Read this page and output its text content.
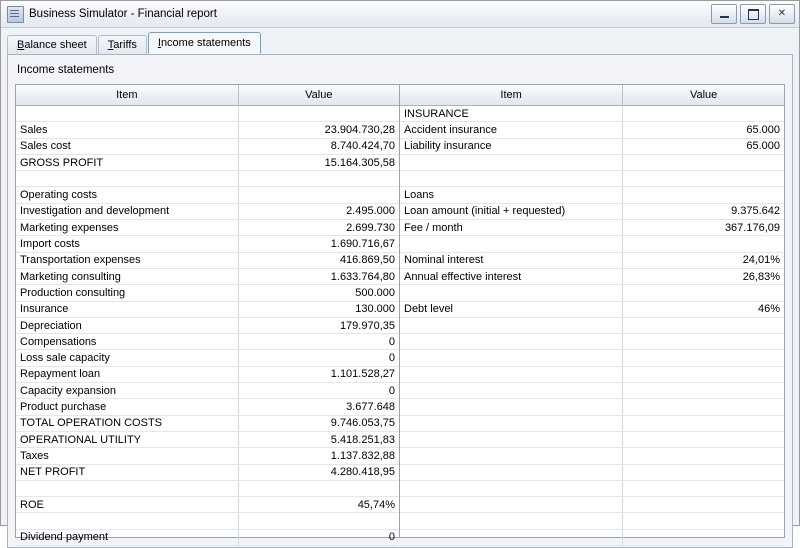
Business Simulator - Financial report	✕
Balance sheet	Tariffs	Income statements
Income statements
Item	Value

Sales	23.904.730,28
Sales cost	8.740.424,70
GROSS PROFIT	15.164.305,58

Operating costs	
Investigation and development	2.495.000
Marketing expenses	2.699.730
Import costs	1.690.716,67
Transportation expenses	416.869,50
Marketing consulting	1.633.764,80
Production consulting	500.000
Insurance	130.000
Depreciation	179.970,35
Compensations	0
Loss sale capacity	0
Repayment loan	1.101.528,27
Capacity expansion	0
Product purchase	3.677.648
TOTAL OPERATION COSTS	9.746.053,75
OPERATIONAL UTILITY	5.418.251,83
Taxes	1.137.832,88
NET PROFIT	4.280.418,95

ROE	45,74%

Dividend payment	0
Item	Value
INSURANCE	
Accident insurance	65.000
Liability insurance	65.000

Loans	
Loan amount (initial + requested)	9.375.642
Fee / month	367.176,09

Nominal interest	24,01%
Annual effective interest	26,83%

Debt level	46%
